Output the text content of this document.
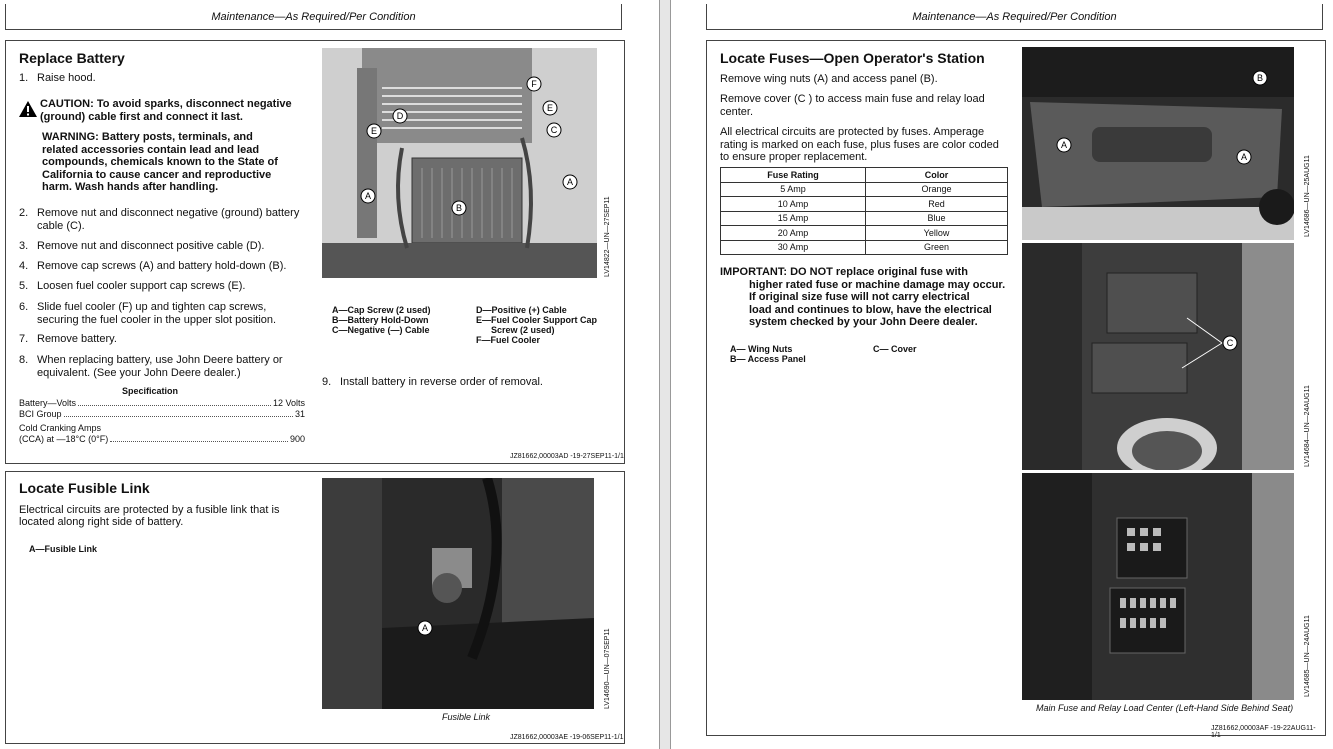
Maintenance—As Required/Per Condition
Replace Battery
1. Raise hood.
CAUTION: To avoid sparks, disconnect negative
(ground) cable first and connect it last.
WARNING: Battery posts, terminals, and
related accessories contain lead and lead
compounds, chemicals known to the State of
California to cause cancer and reproductive
harm. Wash hands after handling.
2. Remove nut and disconnect negative (ground) battery
cable (C).
3. Remove nut and disconnect positive cable (D).
4. Remove cap screws (A) and battery hold-down (B).
5. Loosen fuel cooler support cap screws (E).
6. Slide fuel cooler (F) up and tighten cap screws,
securing the fuel cooler in the upper slot position.
7. Remove battery.
8. When replacing battery, use John Deere battery or
equivalent. (See your John Deere dealer.)
Specification
Battery—Volts	12 Volts
BCI Group	31
Cold Cranking Amps
(CCA) at —18°C (0°F)	900
F
E
C
D
E
A
A
B	LV14822—UN—27SEP11
A—Cap Screw (2 used)
B—Battery Hold-Down
C—Negative (—) Cable
D—Positive (+) Cable
E—Fuel Cooler Support Cap
Screw (2 used)
F—Fuel Cooler
9. Install battery in reverse order of removal.
JZ81662,00003AD -19-27SEP11-1/1
Locate Fusible Link
Electrical circuits are protected by a fusible link that is
located along right side of battery.
A—Fusible Link
A
LV14690—UN—07SEP11
Fusible Link
JZ81662,00003AE -19-06SEP11-1/1
Maintenance—As Required/Per Condition
Locate Fuses—Open Operator's Station
Remove wing nuts (A) and access panel (B).
Remove cover (C ) to access main fuse and relay load
center.
All electrical circuits are protected by fuses. Amperage
rating is marked on each fuse, plus fuses are color coded
to ensure proper replacement.
Fuse Rating	Color
5 Amp	Orange
10 Amp	Red
15 Amp	Blue
20 Amp	Yellow
30 Amp	Green
IMPORTANT: DO NOT replace original fuse with
higher rated fuse or machine damage may occur.
If original size fuse will not carry electrical
load and continues to blow, have the electrical
system checked by your John Deere dealer.
A— Wing Nuts
B— Access Panel
C— Cover
B
A
A	LV14686—UN—25AUG11
C
LV14684—UN—24AUG11
LV14685—UN—24AUG11
Main Fuse and Relay Load Center (Left-Hand Side Behind Seat)
JZ81662,00003AF -19-22AUG11-1/1
